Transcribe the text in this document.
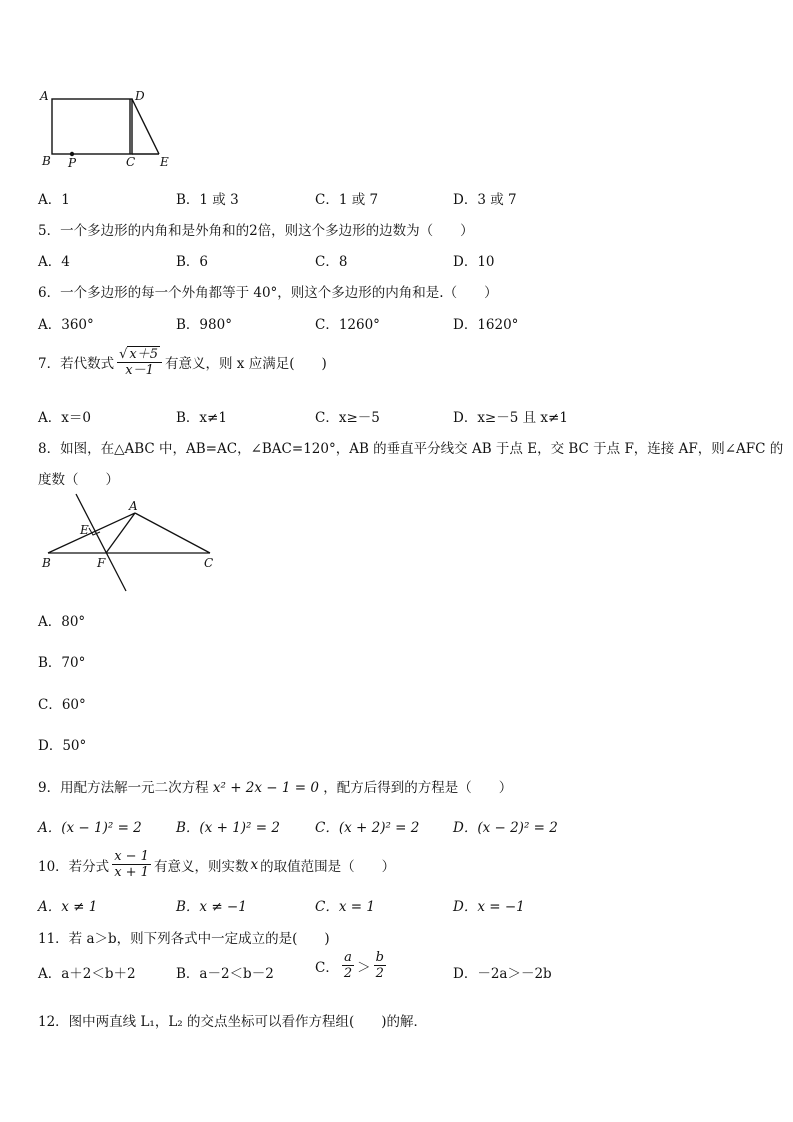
A	D
B P	C E
A．1	B．1 或 3	C．1 或 7	D．3 或 7
5．一个多边形的内角和是外角和的2倍，则这个多边形的边数为（　　）
A．4	B．6	C．8	D．10
6．一个多边形的每一个外角都等于 40°，则这个多边形的内角和是.（　　）
A．360°	B．980°	C．1260°	D．1620°
7．若代数式 $\frac{√ x+5}{x-1}$ 有意义，则 x 应满足(　　)
A．x＝0	B．x≠1	C．x≥－5	D．x≥－5 且 x≠1
8．如图，在△ABC 中，AB=AC，∠BAC=120°，AB 的垂直平分线交 AB 于点 E，交 BC 于点 F，连接 AF，则∠AFC 的
度数（　　）
A
E
B	F	C
A．80°
B．70°
C．60°
D．50°
9．用配方法解一元二次方程 x² + 2x − 1 = 0 ，配方后得到的方程是（　　）
A．(x − 1)² = 2	B．(x + 1)² = 2	C．(x + 2)² = 2 D．(x − 2)² = 2
10．若分式 $\frac{x - 1}{x + 1}$ 有意义，则实数 x 的取值范围是（　　）
A．x ≠ 1	B．x ≠ −1	C．x = 1	D．x = −1
11．若 a＞b，则下列各式中一定成立的是(　　)
A．a＋2＜b＋2	B．a－2＜b－2	C． $\frac{a}{2} > \frac{b}{2}$	D．－2a＞－2b
12．图中两直线 L₁，L₂ 的交点坐标可以看作方程组(　　)的解．
